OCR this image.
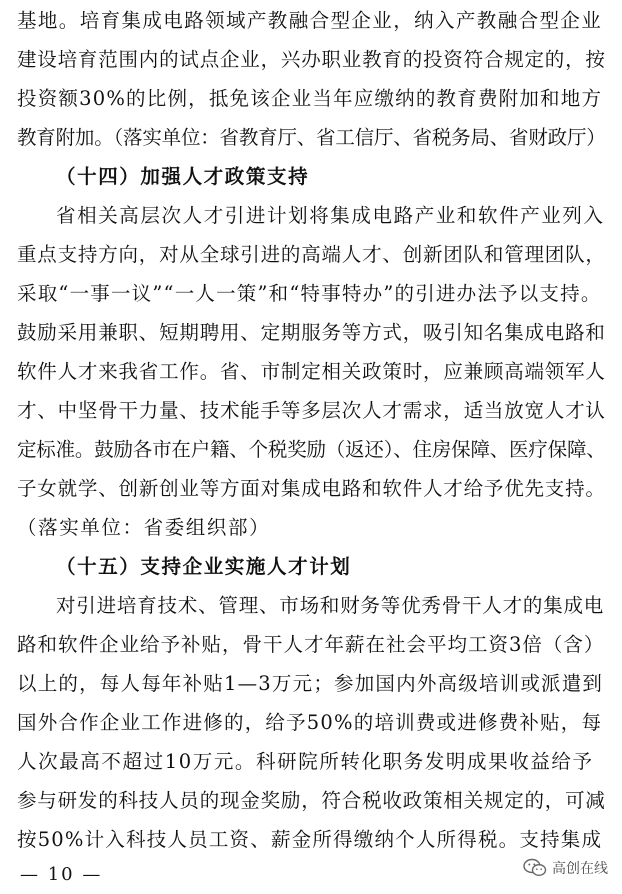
基地。培育集成电路领域产教融合型企业，纳入产教融合型企业
建设培育范围内的试点企业，兴办职业教育的投资符合规定的，按
投资额30%的比例，抵免该企业当年应缴纳的教育费附加和地方
教育附加。（落实单位：省教育厅、省工信厅、省税务局、省财政厅）
（十四）加强人才政策支持
省相关高层次人才引进计划将集成电路产业和软件产业列入
重点支持方向，对从全球引进的高端人才、创新团队和管理团队，
采取“一事一议”“一人一策”和“特事特办”的引进办法予以支持。
鼓励采用兼职、短期聘用、定期服务等方式，吸引知名集成电路和
软件人才来我省工作。省、市制定相关政策时，应兼顾高端领军人
才、中坚骨干力量、技术能手等多层次人才需求，适当放宽人才认
定标准。鼓励各市在户籍、个税奖励（返还）、住房保障、医疗保障、
子女就学、创新创业等方面对集成电路和软件人才给予优先支持。
（落实单位：省委组织部）
（十五）支持企业实施人才计划
对引进培育技术、管理、市场和财务等优秀骨干人才的集成电
路和软件企业给予补贴，骨干人才年薪在社会平均工资3倍（含）
以上的，每人每年补贴1—3万元；参加国内外高级培训或派遣到
国外合作企业工作进修的，给予50%的培训费或进修费补贴，每
人次最高不超过10万元。科研院所转化职务发明成果收益给予
参与研发的科技人员的现金奖励，符合税收政策相关规定的，可减
按50%计入科技人员工资、薪金所得缴纳个人所得税。支持集成
— 10 —	高创在线
